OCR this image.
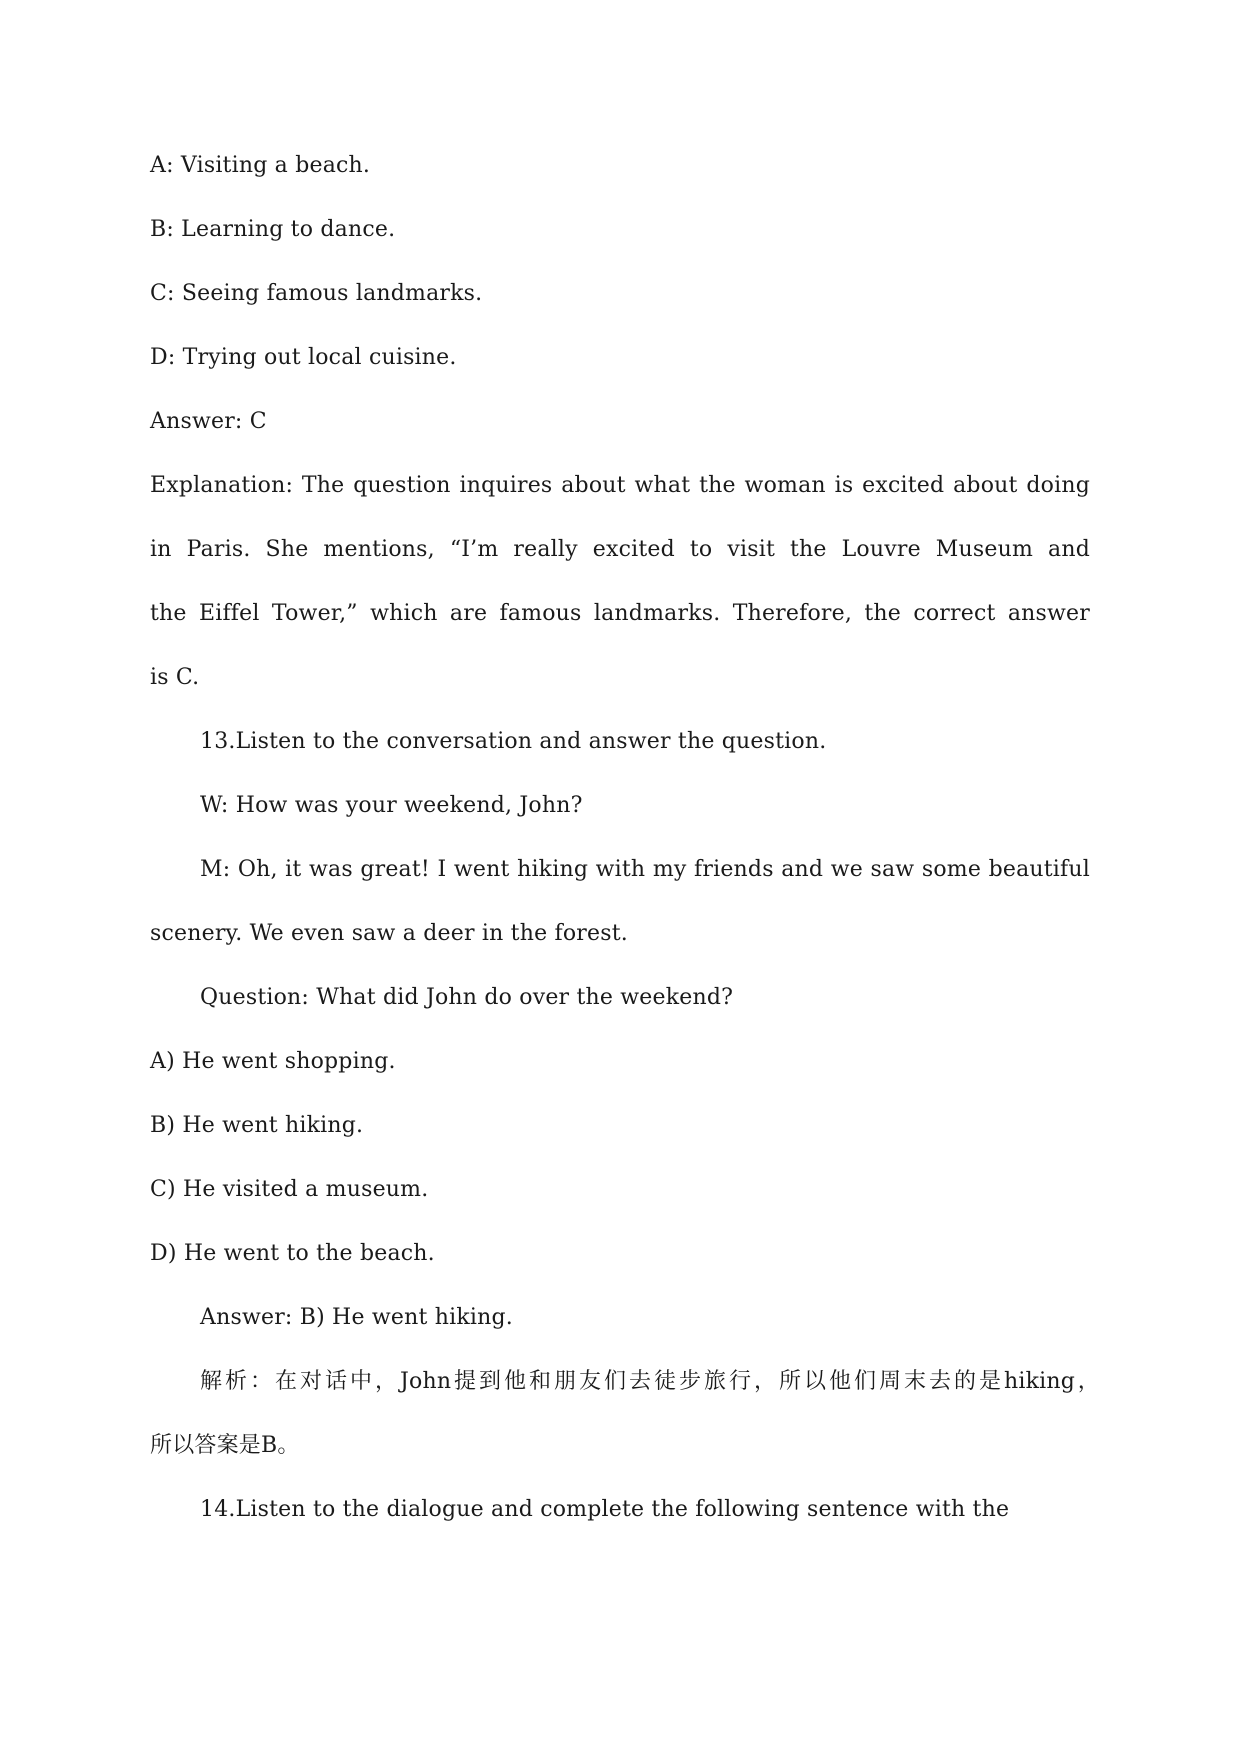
A: Visiting a beach.
B: Learning to dance.
C: Seeing famous landmarks.
D: Trying out local cuisine.
Answer: C
Explanation: The question inquires about what the woman is excited about doing
in Paris. She mentions, “I’m really excited to visit the Louvre Museum and
the Eiffel Tower,” which are famous landmarks. Therefore, the correct answer
is C.
13.Listen to the conversation and answer the question.
W: How was your weekend, John?
M: Oh, it was great! I went hiking with my friends and we saw some beautiful
scenery. We even saw a deer in the forest.
Question: What did John do over the weekend?
A) He went shopping.
B) He went hiking.
C) He visited a museum.
D) He went to the beach.
Answer: B) He went hiking.
解析：在对话中，John提到他和朋友们去徒步旅行，所以他们周末去的是hiking，
所以答案是B。
14.Listen to the dialogue and complete the following sentence with the
